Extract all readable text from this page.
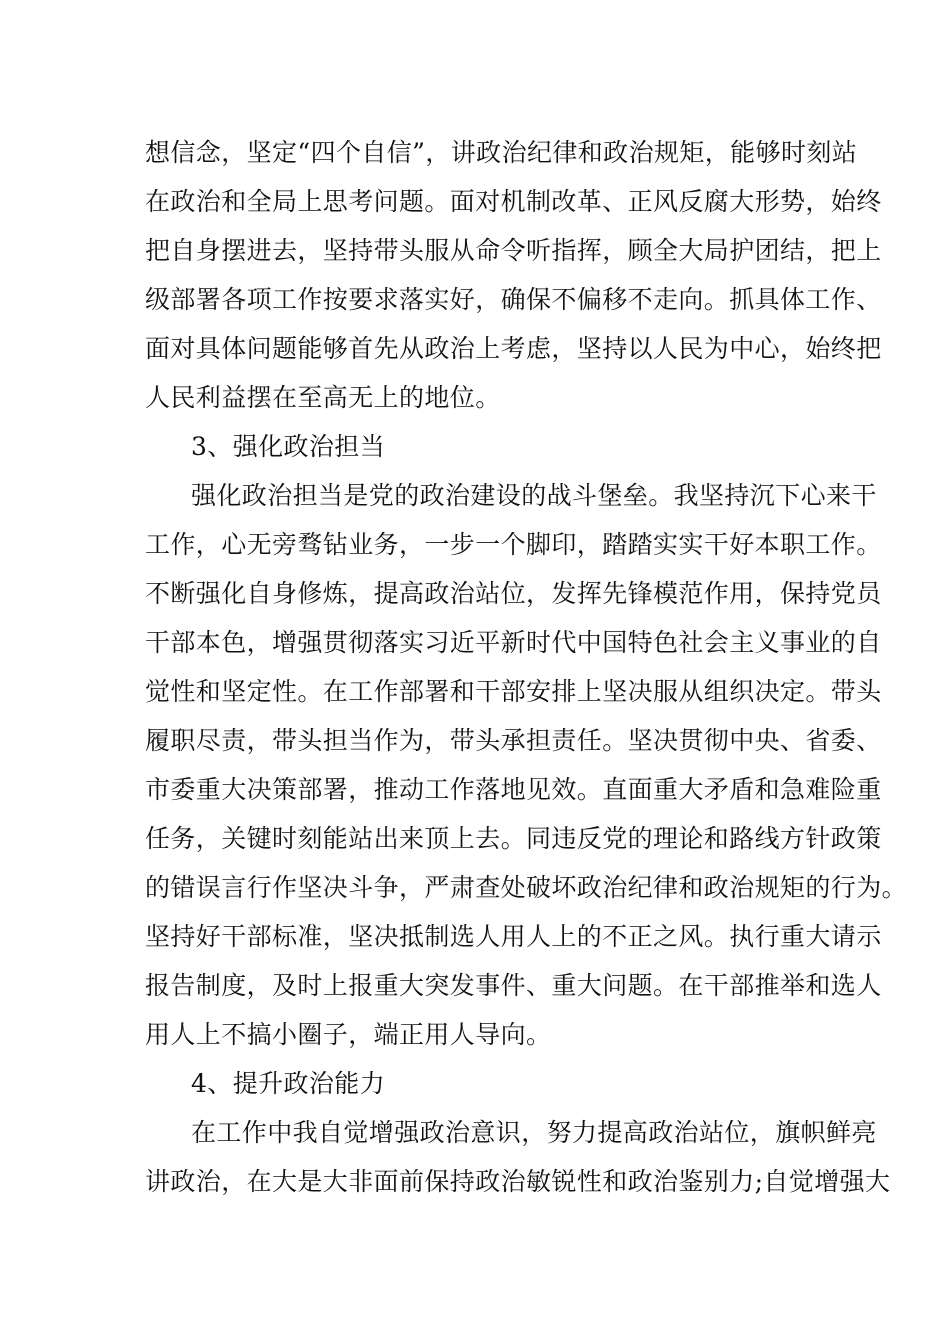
想信念，坚定“四个自信”，讲政治纪律和政治规矩，能够时刻站
在政治和全局上思考问题。面对机制改革、正风反腐大形势，始终
把自身摆进去，坚持带头服从命令听指挥，顾全大局护团结，把上
级部署各项工作按要求落实好，确保不偏移不走向。抓具体工作、
面对具体问题能够首先从政治上考虑，坚持以人民为中心，始终把
人民利益摆在至高无上的地位。
3、强化政治担当
强化政治担当是党的政治建设的战斗堡垒。我坚持沉下心来干
工作，心无旁骛钻业务，一步一个脚印，踏踏实实干好本职工作。
不断强化自身修炼，提高政治站位，发挥先锋模范作用，保持党员
干部本色，增强贯彻落实习近平新时代中国特色社会主义事业的自
觉性和坚定性。在工作部署和干部安排上坚决服从组织决定。带头
履职尽责，带头担当作为，带头承担责任。坚决贯彻中央、省委、
市委重大决策部署，推动工作落地见效。直面重大矛盾和急难险重
任务，关键时刻能站出来顶上去。同违反党的理论和路线方针政策
的错误言行作坚决斗争，严肃查处破坏政治纪律和政治规矩的行为。
坚持好干部标准，坚决抵制选人用人上的不正之风。执行重大请示
报告制度，及时上报重大突发事件、重大问题。在干部推举和选人
用人上不搞小圈子，端正用人导向。
4、提升政治能力
在工作中我自觉增强政治意识，努力提高政治站位，旗帜鲜亮
讲政治，在大是大非面前保持政治敏锐性和政治鉴别力;自觉增强大
